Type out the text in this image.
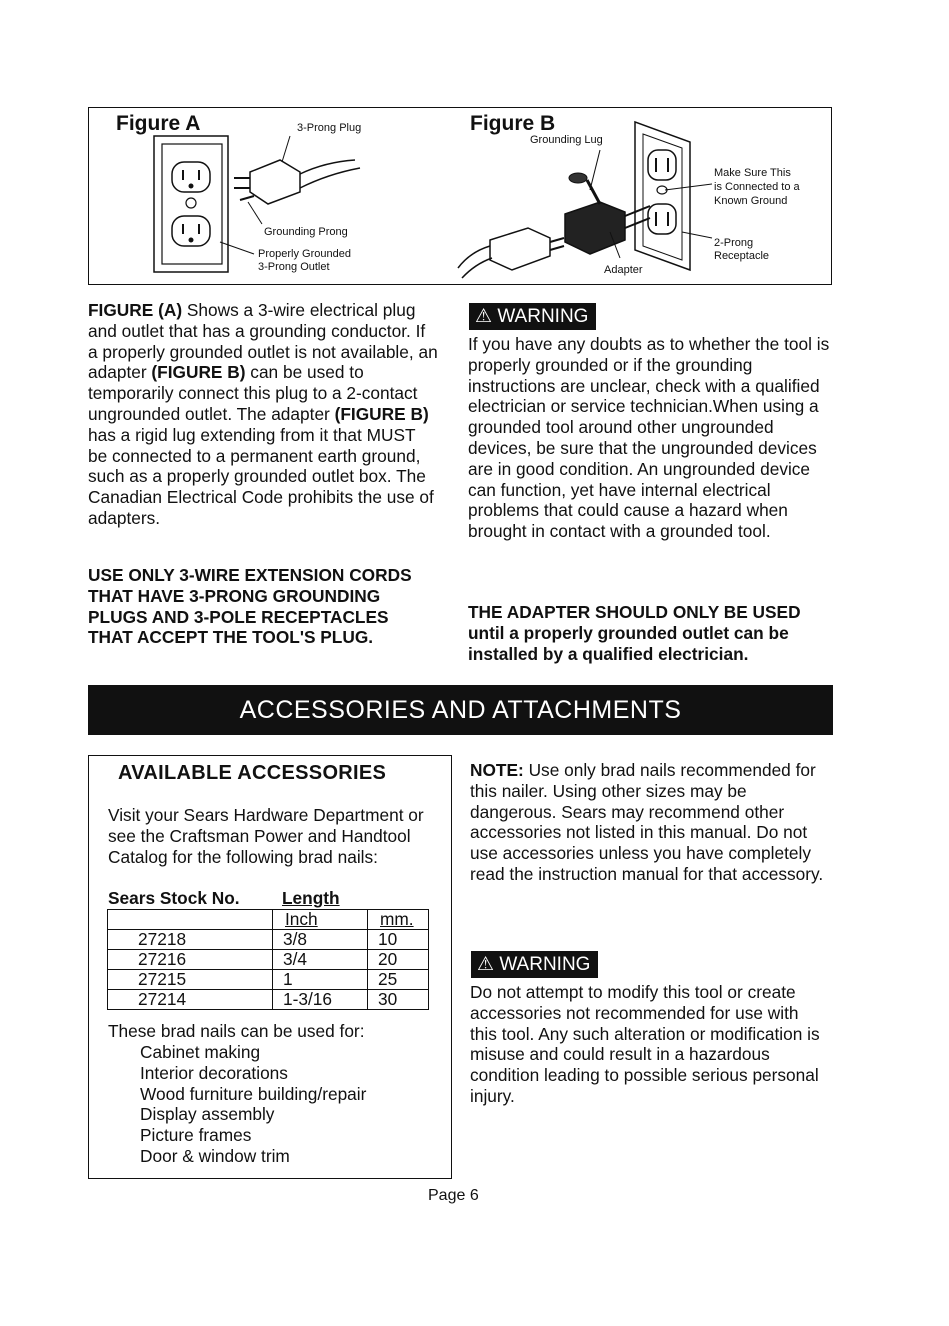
Figure A	3-Prong Plug
Grounding Prong
Properly Grounded
3-Prong Outlet
Figure B
Grounding Lug
Make Sure This
is Connected to a
Known Ground
2-Prong
Receptacle
Adapter
FIGURE (A) Shows a 3-wire electrical plug and outlet that has a grounding conductor. If a properly grounded outlet is not available, an adapter (FIGURE B) can be used to temporarily connect this plug to a 2-contact ungrounded outlet. The adapter (FIGURE B) has a rigid lug extending from it that MUST be connected to a permanent earth ground, such as a properly grounded outlet box. The Canadian Electrical Code prohibits the use of adapters.
USE ONLY 3-WIRE EXTENSION CORDS THAT HAVE 3-PRONG GROUNDING PLUGS AND 3-POLE RECEPTACLES THAT ACCEPT THE TOOL'S PLUG.
⚠ WARNING
If you have any doubts as to whether the tool is properly grounded or if the grounding instructions are unclear, check with a qualified electrician or service technician.When using a grounded tool around other ungrounded devices, be sure that the ungrounded devices are in good condition. An ungrounded device can function, yet have internal electrical problems that could cause a hazard when brought in contact with a grounded tool.
THE ADAPTER SHOULD ONLY BE USED until a properly grounded outlet can be installed by a qualified electrician.
ACCESSORIES AND ATTACHMENTS
AVAILABLE ACCESSORIES
Visit your Sears Hardware Department or see the Craftsman Power and Handtool Catalog for the following brad nails:
Sears Stock No. Length
	Inch	mm.
27218	3/8	10
27216	3/4	20
27215	1	25
27214	1-3/16	30
These brad nails can be used for:
Cabinet making
Interior decorations
Wood furniture building/repair
Display assembly
Picture frames
Door & window trim
NOTE: Use only brad nails recommended for this nailer. Using other sizes may be dangerous. Sears may recommend other accessories not listed in this manual. Do not use accessories unless you have completely read the instruction manual for that accessory.
⚠ WARNING
Do not attempt to modify this tool or create accessories not recommended for use with this tool. Any such alteration or modification is misuse and could result in a hazardous condition leading to possible serious personal injury.
Page 6
